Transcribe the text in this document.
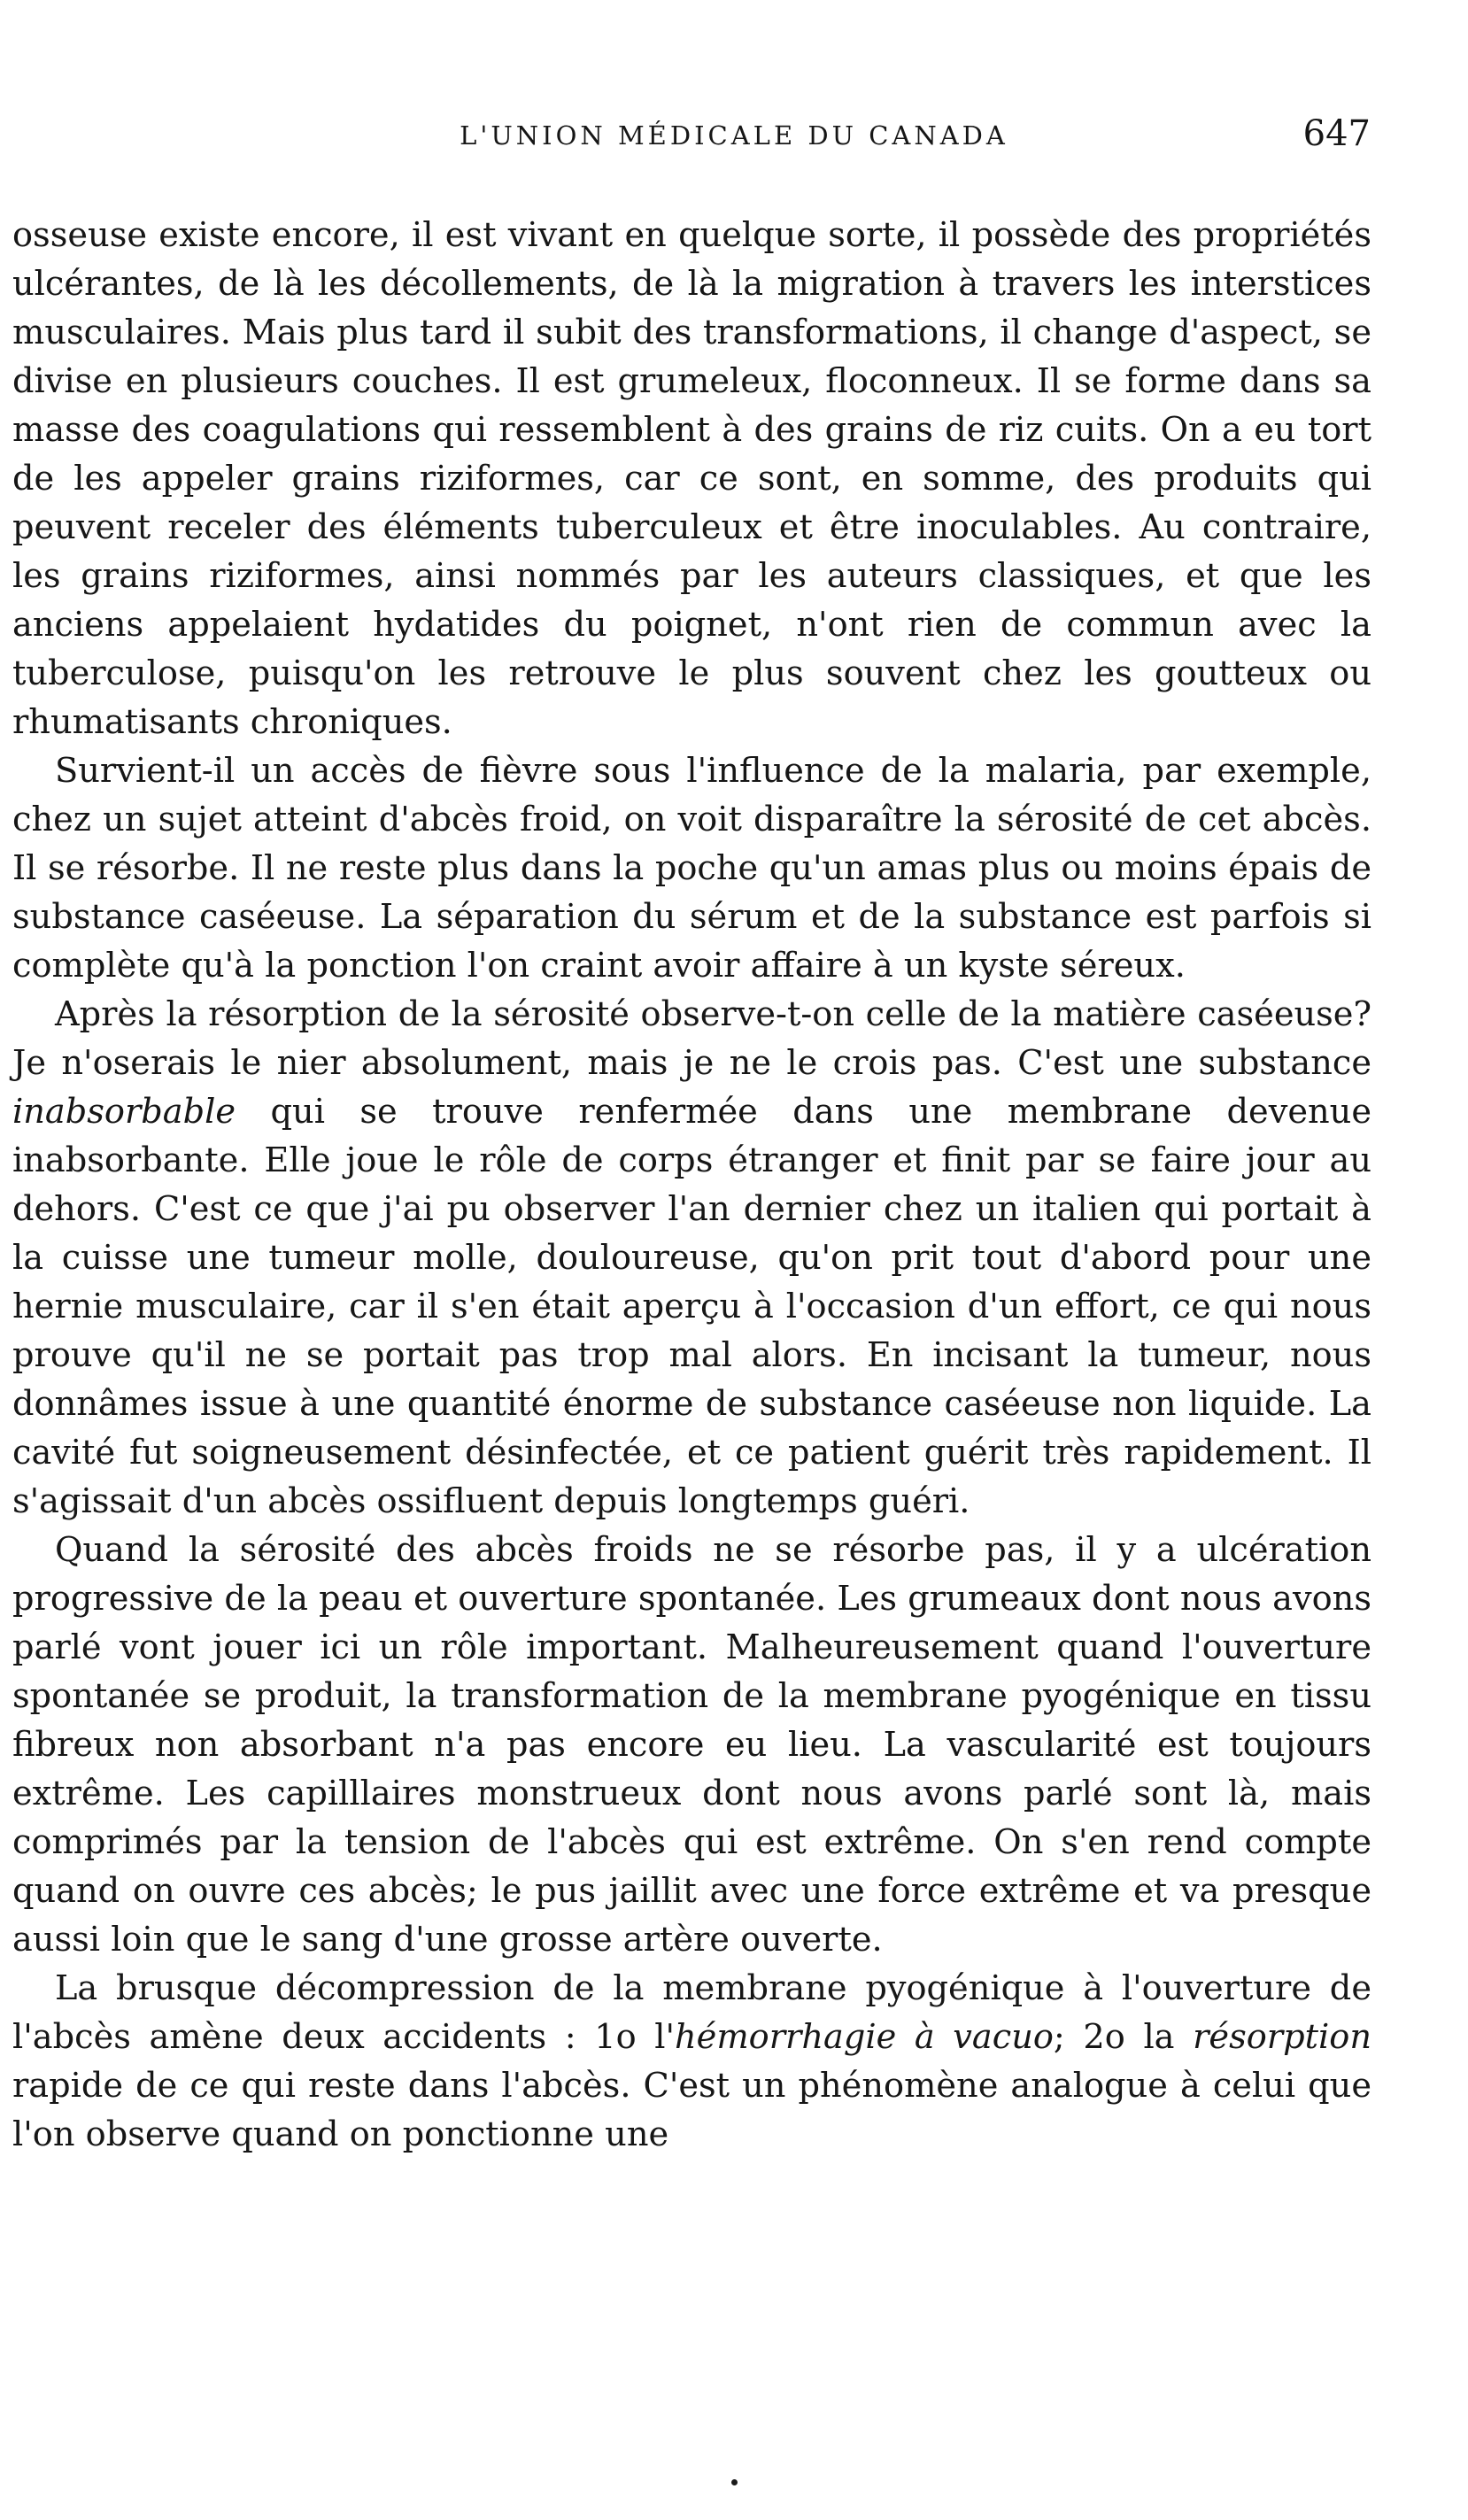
L'UNION MÉDICALE DU CANADA	647

osseuse existe encore, il est vivant en quelque sorte, il possède des propriétés ulcérantes, de là les décollements, de là la migration à travers les interstices musculaires. Mais plus tard il subit des transformations, il change d'aspect, se divise en plusieurs couches. Il est grumeleux, floconneux. Il se forme dans sa masse des coagulations qui ressemblent à des grains de riz cuits. On a eu tort de les appeler grains riziformes, car ce sont, en somme, des produits qui peuvent receler des éléments tuberculeux et être inoculables. Au contraire, les grains riziformes, ainsi nommés par les auteurs classiques, et que les anciens appelaient hydatides du poignet, n'ont rien de commun avec la tuberculose, puisqu'on les retrouve le plus souvent chez les goutteux ou rhumatisants chroniques.

Survient-il un accès de fièvre sous l'influence de la malaria, par exemple, chez un sujet atteint d'abcès froid, on voit disparaître la sérosité de cet abcès. Il se résorbe. Il ne reste plus dans la poche qu'un amas plus ou moins épais de substance caséeuse. La séparation du sérum et de la substance est parfois si complète qu'à la ponction l'on craint avoir affaire à un kyste séreux.

Après la résorption de la sérosité observe-t-on celle de la matière caséeuse? Je n'oserais le nier absolument, mais je ne le crois pas. C'est une substance inabsorbable qui se trouve renfermée dans une membrane devenue inabsorbante. Elle joue le rôle de corps étranger et finit par se faire jour au dehors. C'est ce que j'ai pu observer l'an dernier chez un italien qui portait à la cuisse une tumeur molle, douloureuse, qu'on prit tout d'abord pour une hernie musculaire, car il s'en était aperçu à l'occasion d'un effort, ce qui nous prouve qu'il ne se portait pas trop mal alors. En incisant la tumeur, nous donnâmes issue à une quantité énorme de substance caséeuse non liquide. La cavité fut soigneusement désinfectée, et ce patient guérit très rapidement. Il s'agissait d'un abcès ossifluent depuis longtemps guéri.

Quand la sérosité des abcès froids ne se résorbe pas, il y a ulcération progressive de la peau et ouverture spontanée. Les grumeaux dont nous avons parlé vont jouer ici un rôle important. Malheureusement quand l'ouverture spontanée se produit, la transformation de la membrane pyogénique en tissu fibreux non absorbant n'a pas encore eu lieu. La vascularité est toujours extrême. Les capilllaires monstrueux dont nous avons parlé sont là, mais comprimés par la tension de l'abcès qui est extrême. On s'en rend compte quand on ouvre ces abcès; le pus jaillit avec une force extrême et va presque aussi loin que le sang d'une grosse artère ouverte.

La brusque décompression de la membrane pyogénique à l'ouverture de l'abcès amène deux accidents : 1o l'hémorrhagie à vacuo; 2o la résorption rapide de ce qui reste dans l'abcès. C'est un phénomène analogue à celui que l'on observe quand on ponctionne une
